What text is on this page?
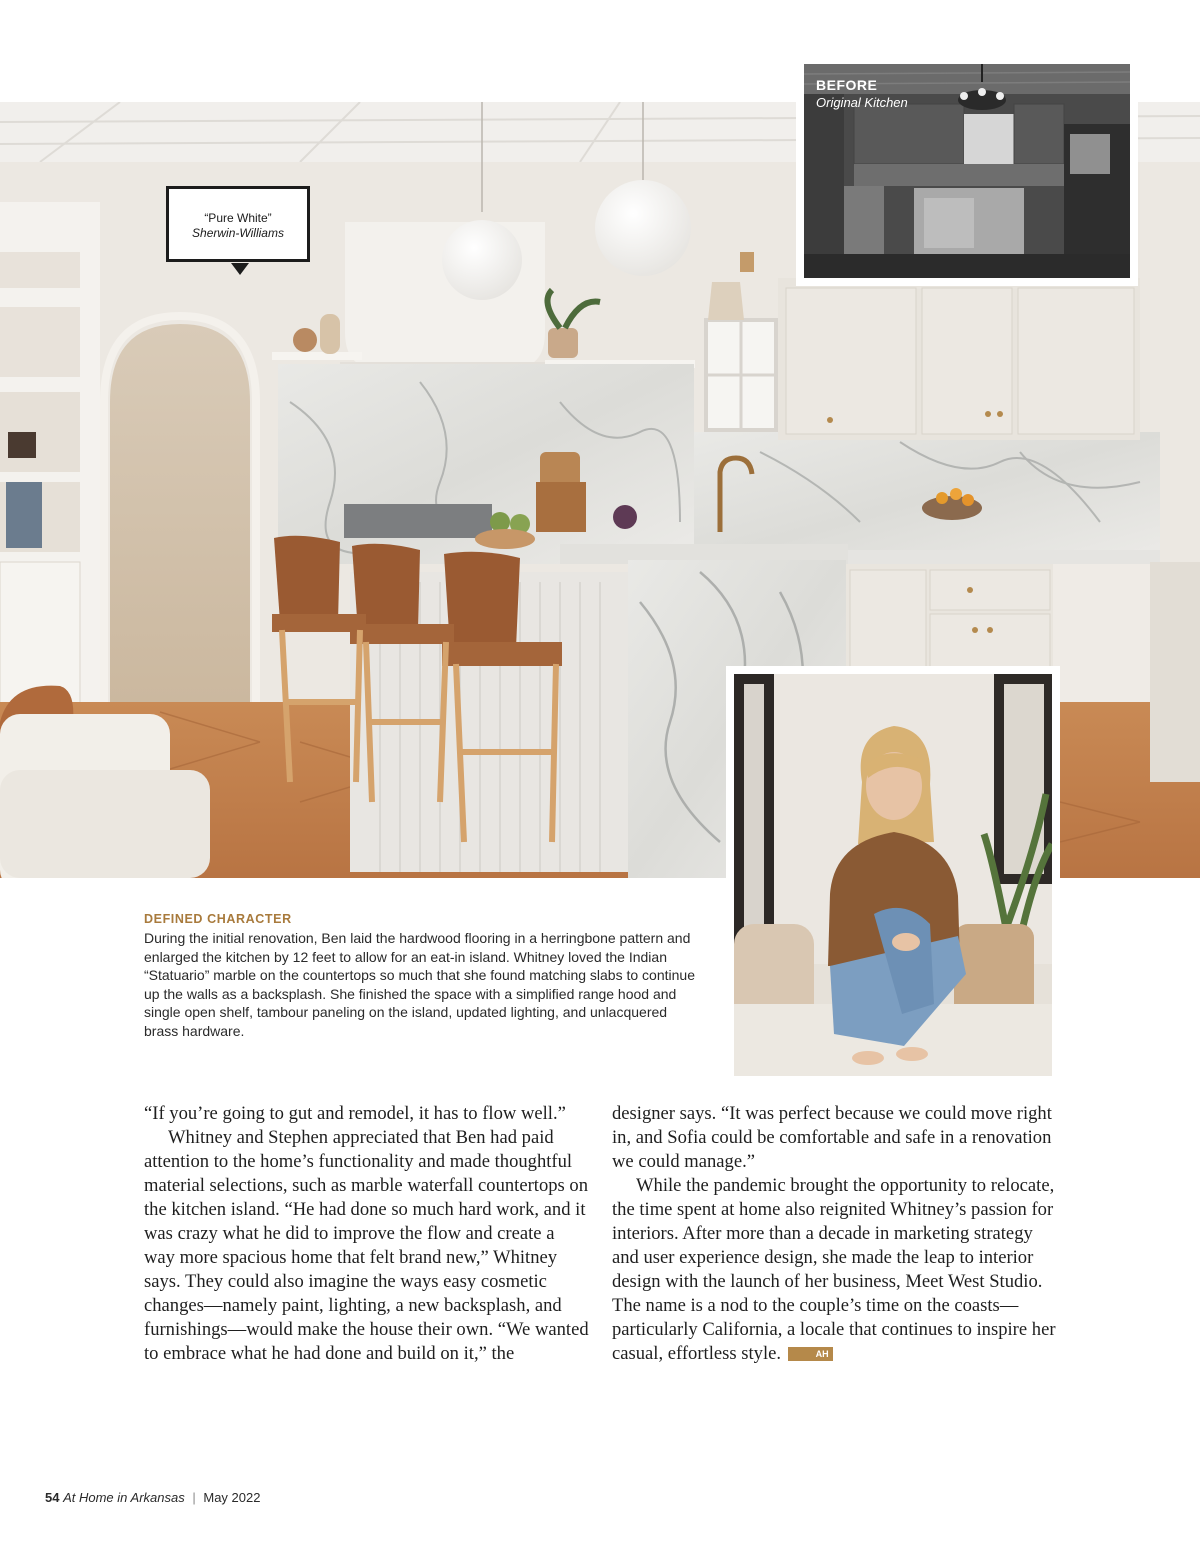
“Pure White”
Sherwin-Williams
BEFORE
Original Kitchen
DEFINED CHARACTER
During the initial renovation, Ben laid the hardwood flooring in a herringbone pattern and enlarged the kitchen by 12 feet to allow for an eat-in island. Whitney loved the Indian “Statuario” marble on the countertops so much that she found matching slabs to continue up the walls as a backsplash. She finished the space with a simplified range hood and single open shelf, tambour paneling on the island, updated lighting, and unlacquered brass hardware.

“If you’re going to gut and remodel, it has to flow well.”

Whitney and Stephen appreciated that Ben had paid attention to the home’s functionality and made thoughtful material selections, such as marble waterfall countertops on the kitchen island. “He had done so much hard work, and it was crazy what he did to improve the flow and create a way more spacious home that felt brand new,” Whitney says. They could also imagine the ways easy cosmetic changes—namely paint, lighting, a new backsplash, and furnishings—would make the house their own. “We wanted to embrace what he had done and build on it,” the

designer says. “It was perfect because we could move right in, and Sofia could be comfortable and safe in a renovation we could manage.”

While the pandemic brought the opportunity to relocate, the time spent at home also reignited Whitney’s passion for interiors. After more than a decade in marketing strategy and user experience design, she made the leap to interior design with the launch of her business, Meet West Studio. The name is a nod to the couple’s time on the coasts—particularly California, a locale that continues to inspire her casual, effortless style.	AH

54 At Home in Arkansas | May 2022
